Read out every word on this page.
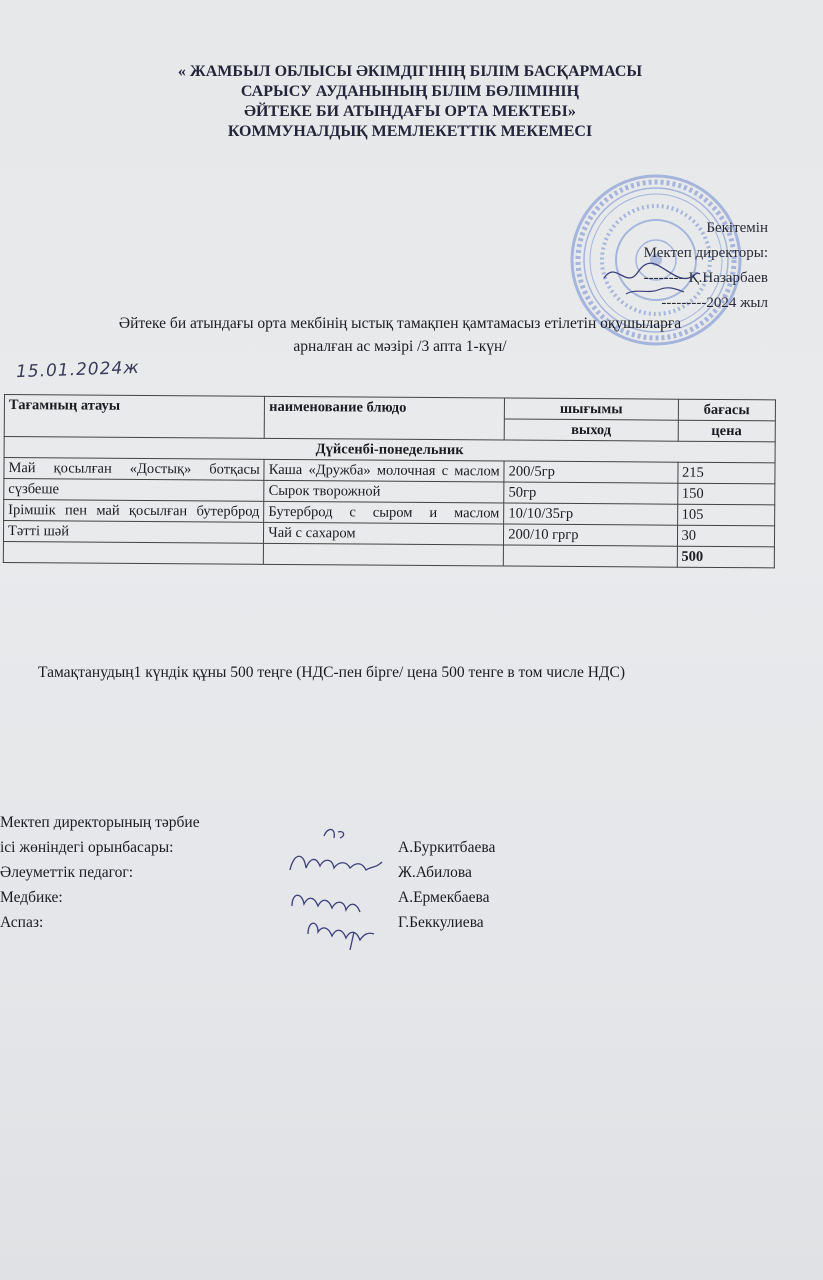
« ЖАМБЫЛ ОБЛЫСЫ ӘКІМДІГІНІҢ БІЛІМ БАСҚАРМАСЫ
САРЫСУ АУДАНЫНЫҢ БІЛІМ БӨЛІМІНІҢ
ӘЙТЕКЕ БИ АТЫНДАҒЫ ОРТА МЕКТЕБІ»
КОММУНАЛДЫҚ МЕМЛЕКЕТТІК МЕКЕМЕСІ
Бекітемін
Мектеп директоры:
---------Қ.Назарбаев
---------2024 жыл
Әйтеке би атындағы орта мекбінің ыстық тамақпен қамтамасыз етілетін оқушыларға
арналған ас мәзірі /3 апта 1-күн/
15.01.2024ж
Тағамның атауы	наименование блюдо	шығымы	бағасы
		выход	цена
Дүйсенбі-понедельник			
Май қосылған «Достық» ботқасы	Каша «Дружба» молочная с маслом	200/5гр	215
сүзбеше	Сырок творожной	50гр	150
Ірімшік пен май қосылған бутерброд	Бутерброд с сыром и маслом	10/10/35гр	105
Тәтті шәй	Чай с сахаром	200/10 гргр	30
			500
Тамақтанудың1 күндік құны 500 теңге (НДС-пен бірге/ цена 500 тенге в том числе НДС)
Мектеп директорының тәрбие
ісі жөніндегі орынбасары:	А.Буркитбаева
Әлеуметтік педагог:	Ж.Абилова
Медбике:	А.Ермекбаева
Аспаз:	Г.Беккулиева
